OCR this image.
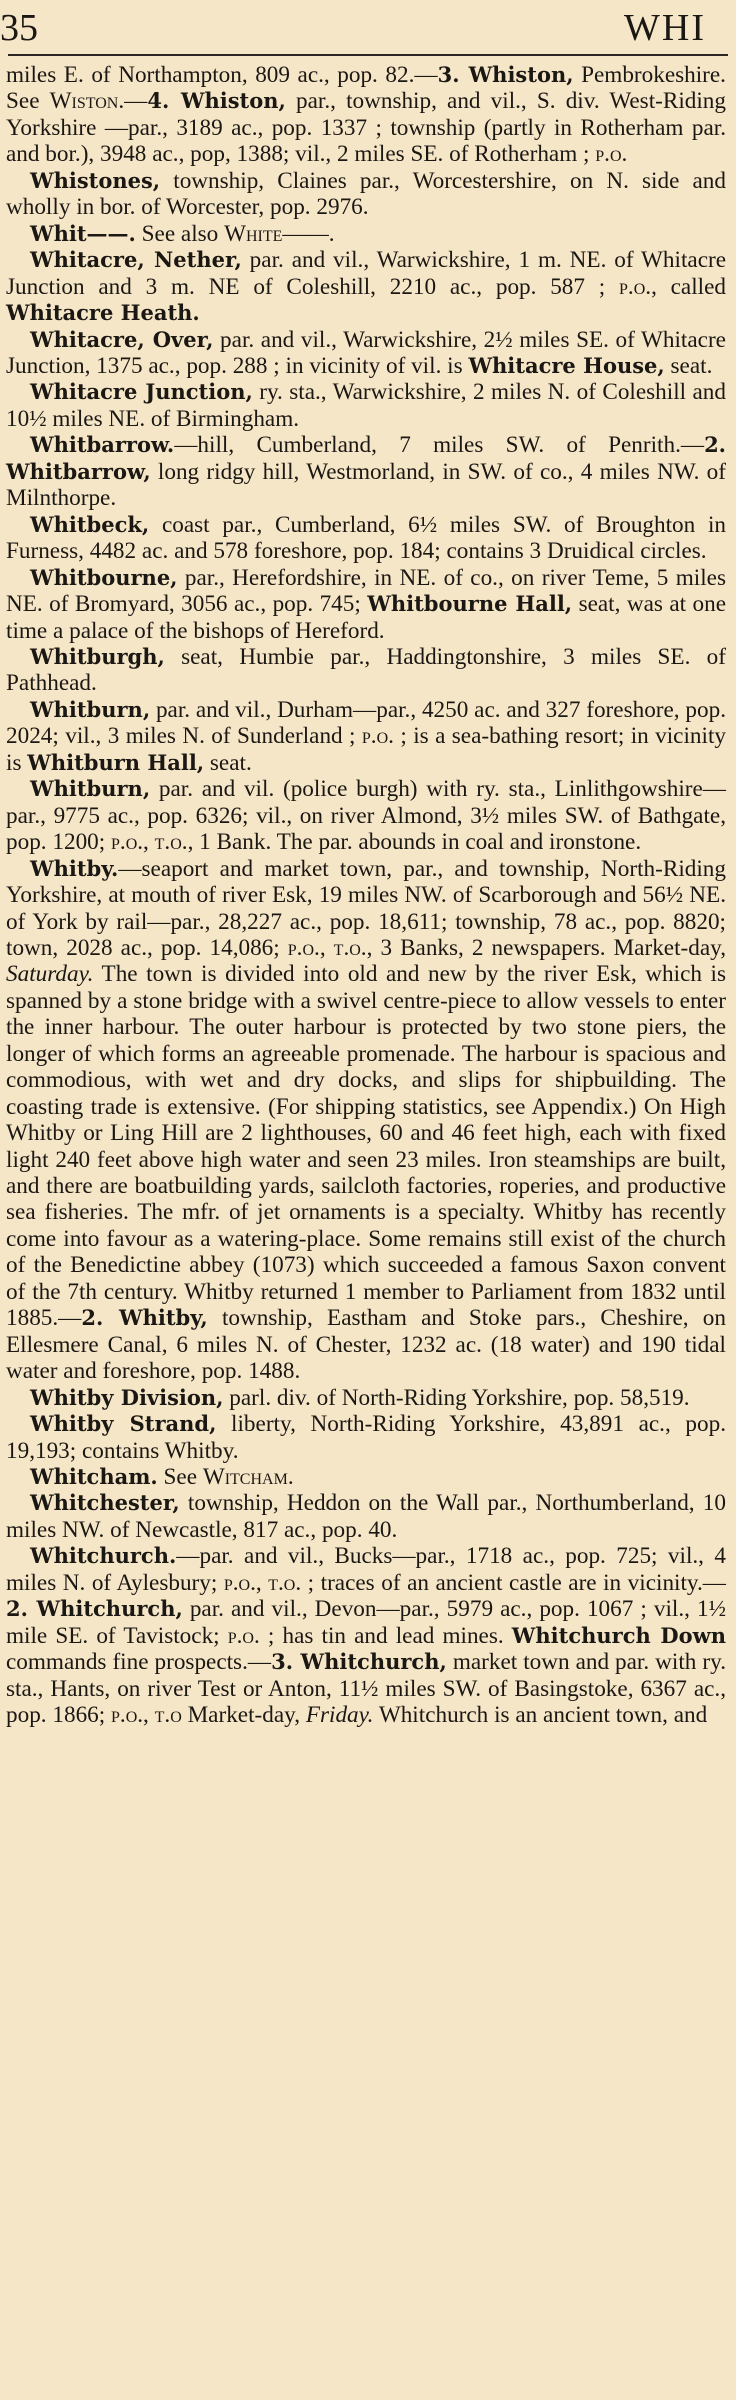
35	WHI

miles E. of Northampton, 809 ac., pop. 82.—3. Whiston, Pembrokeshire. See Wiston.—4. Whiston, par., township, and vil., S. div. West-Riding Yorkshire —par., 3189 ac., pop. 1337 ; township (partly in Rotherham par. and bor.), 3948 ac., pop, 1388; vil., 2 miles SE. of Rotherham ; p.o.

Whistones, township, Claines par., Worcestershire, on N. side and wholly in bor. of Worcester, pop. 2976.

Whit——. See also White——.

Whitacre, Nether, par. and vil., Warwickshire, 1 m. NE. of Whitacre Junction and 3 m. NE of Coleshill, 2210 ac., pop. 587 ; p.o., called Whitacre Heath.

Whitacre, Over, par. and vil., Warwickshire, 2½ miles SE. of Whitacre Junction, 1375 ac., pop. 288 ; in vicinity of vil. is Whitacre House, seat.

Whitacre Junction, ry. sta., Warwickshire, 2 miles N. of Coleshill and 10½ miles NE. of Birmingham.

Whitbarrow.—hill, Cumberland, 7 miles SW. of Penrith.—2. Whitbarrow, long ridgy hill, Westmorland, in SW. of co., 4 miles NW. of Milnthorpe.

Whitbeck, coast par., Cumberland, 6½ miles SW. of Broughton in Furness, 4482 ac. and 578 foreshore, pop. 184; contains 3 Druidical circles.

Whitbourne, par., Herefordshire, in NE. of co., on river Teme, 5 miles NE. of Bromyard, 3056 ac., pop. 745; Whitbourne Hall, seat, was at one time a palace of the bishops of Hereford.

Whitburgh, seat, Humbie par., Haddingtonshire, 3 miles SE. of Pathhead.

Whitburn, par. and vil., Durham—par., 4250 ac. and 327 foreshore, pop. 2024; vil., 3 miles N. of Sunderland ; p.o. ; is a sea-bathing resort; in vicinity is Whitburn Hall, seat.

Whitburn, par. and vil. (police burgh) with ry. sta., Linlithgowshire—par., 9775 ac., pop. 6326; vil., on river Almond, 3½ miles SW. of Bathgate, pop. 1200; p.o., t.o., 1 Bank. The par. abounds in coal and ironstone.

Whitby.—seaport and market town, par., and township, North-Riding Yorkshire, at mouth of river Esk, 19 miles NW. of Scarborough and 56½ NE. of York by rail—par., 28,227 ac., pop. 18,611; township, 78 ac., pop. 8820; town, 2028 ac., pop. 14,086; p.o., t.o., 3 Banks, 2 newspapers. Market-day, Saturday. The town is divided into old and new by the river Esk, which is spanned by a stone bridge with a swivel centre-piece to allow vessels to enter the inner harbour. The outer harbour is protected by two stone piers, the longer of which forms an agreeable promenade. The harbour is spacious and commodious, with wet and dry docks, and slips for shipbuilding. The coasting trade is extensive. (For shipping statistics, see Appendix.) On High Whitby or Ling Hill are 2 lighthouses, 60 and 46 feet high, each with fixed light 240 feet above high water and seen 23 miles. Iron steamships are built, and there are boatbuilding yards, sailcloth factories, roperies, and productive sea fisheries. The mfr. of jet ornaments is a specialty. Whitby has recently come into favour as a watering-place. Some remains still exist of the church of the Benedictine abbey (1073) which succeeded a famous Saxon convent of the 7th century. Whitby returned 1 member to Parliament from 1832 until 1885.—2. Whitby, township, Eastham and Stoke pars., Cheshire, on Ellesmere Canal, 6 miles N. of Chester, 1232 ac. (18 water) and 190 tidal water and foreshore, pop. 1488.

Whitby Division, parl. div. of North-Riding Yorkshire, pop. 58,519.

Whitby Strand, liberty, North-Riding Yorkshire, 43,891 ac., pop. 19,193; contains Whitby.

Whitcham. See Witcham.

Whitchester, township, Heddon on the Wall par., Northumberland, 10 miles NW. of Newcastle, 817 ac., pop. 40.

Whitchurch.—par. and vil., Bucks—par., 1718 ac., pop. 725; vil., 4 miles N. of Aylesbury; p.o., t.o. ; traces of an ancient castle are in vicinity.—2. Whitchurch, par. and vil., Devon—par., 5979 ac., pop. 1067 ; vil., 1½ mile SE. of Tavistock; p.o. ; has tin and lead mines. Whitchurch Down commands fine prospects.—3. Whitchurch, market town and par. with ry. sta., Hants, on river Test or Anton, 11½ miles SW. of Basingstoke, 6367 ac., pop. 1866; p.o., t.o Market-day, Friday. Whitchurch is an ancient town, and
